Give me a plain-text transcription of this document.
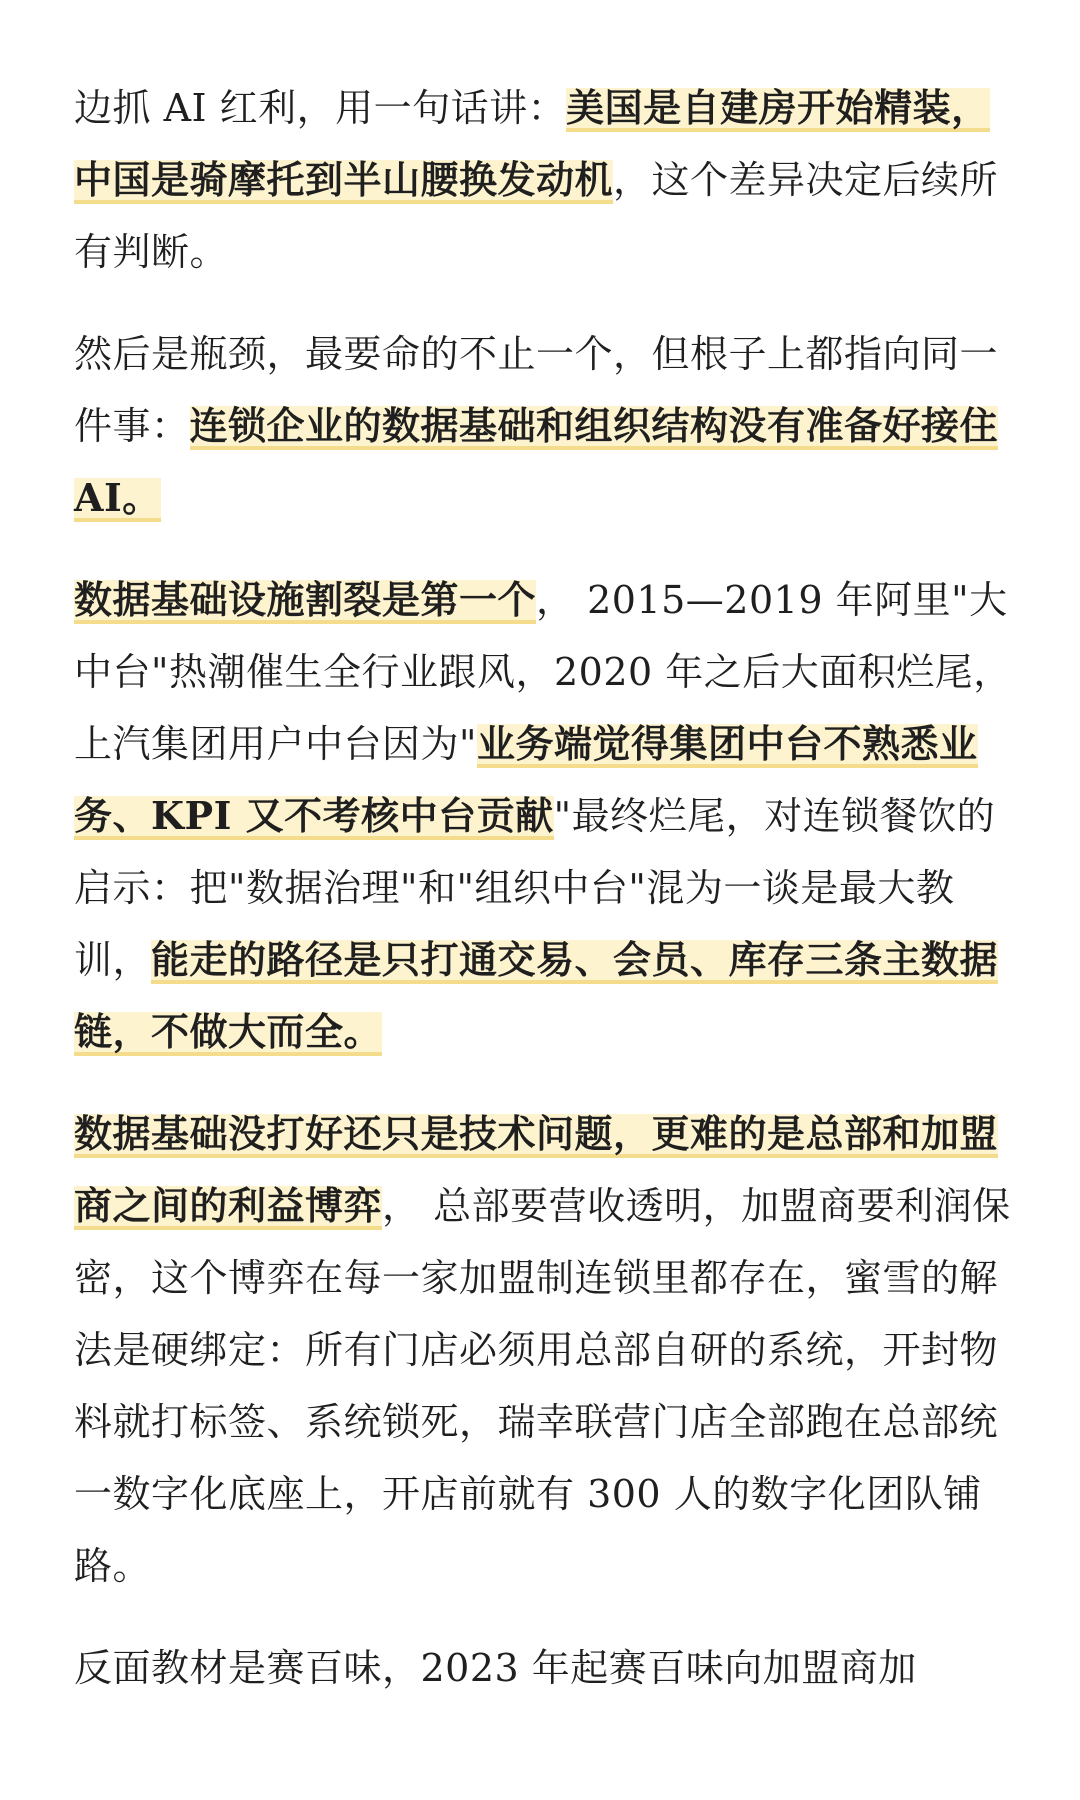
边抓 AI 红利，用一句话讲：美国是自建房开始精装，中国是骑摩托到半山腰换发动机，这个差异决定后续所有判断。

然后是瓶颈，最要命的不止一个，但根子上都指向同一件事：连锁企业的数据基础和组织结构没有准备好接住 AI。

数据基础设施割裂是第一个， 2015—2019 年阿里"大中台"热潮催生全行业跟风，2020 年之后大面积烂尾，上汽集团用户中台因为"业务端觉得集团中台不熟悉业务、KPI 又不考核中台贡献"最终烂尾，对连锁餐饮的启示：把"数据治理"和"组织中台"混为一谈是最大教训，能走的路径是只打通交易、会员、库存三条主数据链，不做大而全。

数据基础没打好还只是技术问题，更难的是总部和加盟商之间的利益博弈， 总部要营收透明，加盟商要利润保密，这个博弈在每一家加盟制连锁里都存在，蜜雪的解法是硬绑定：所有门店必须用总部自研的系统，开封物料就打标签、系统锁死，瑞幸联营门店全部跑在总部统一数字化底座上，开店前就有 300 人的数字化团队铺路。

反面教材是赛百味，2023 年起赛百味向加盟商加
